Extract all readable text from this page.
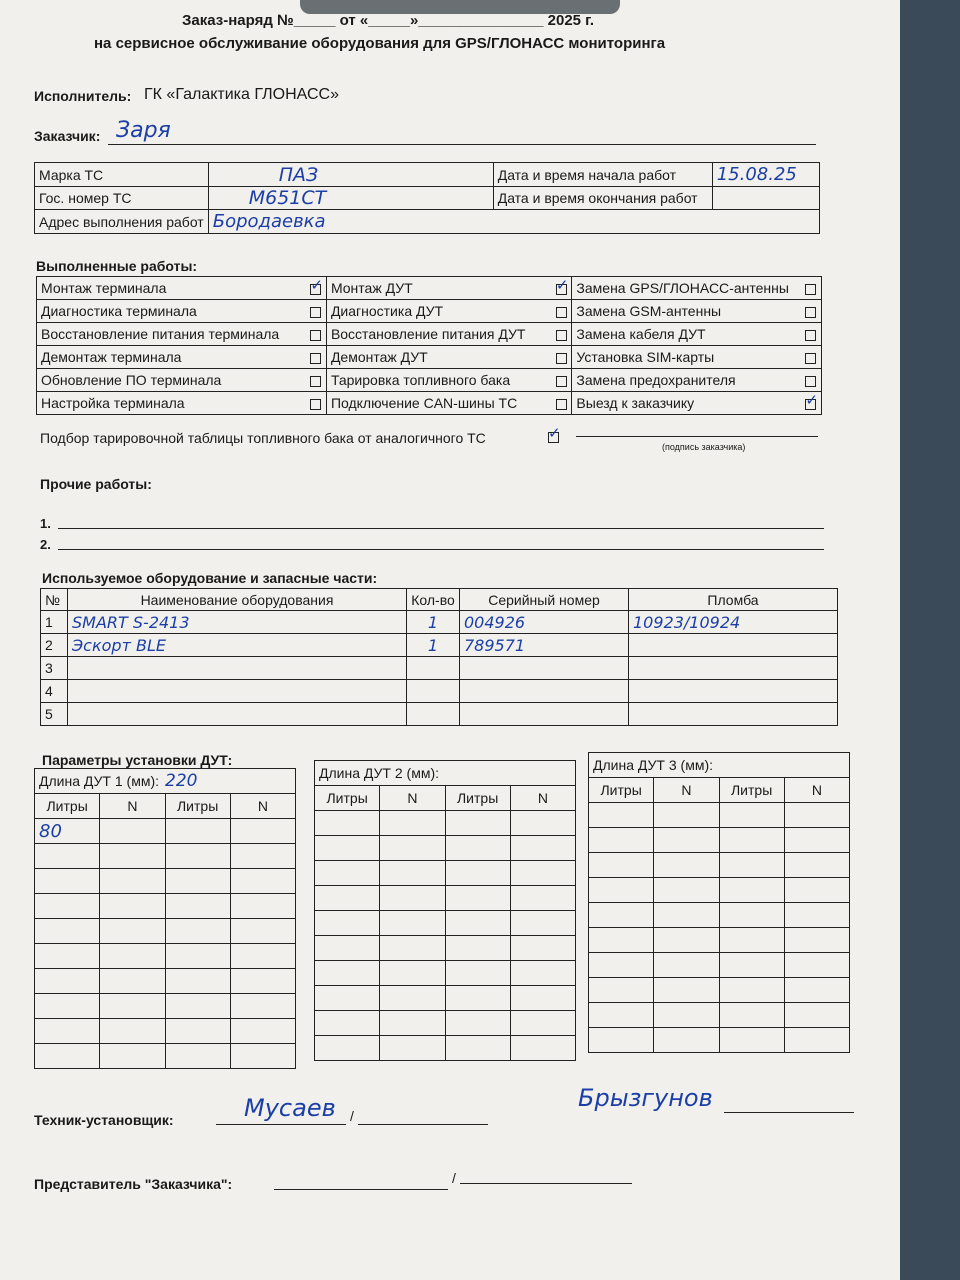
Заказ-наряд №_____ от «_____»_______________ 2025 г.
на сервисное обслуживание оборудования для GPS/ГЛОНАСС мониторинга
Исполнитель: ГК «Галактика ГЛОНАСС»
Заказчик: Заря
Марка ТС	ПАЗ	Дата и время начала работ	15.08.25
Гос. номер ТС	М651СТ	Дата и время окончания работ	
Адрес выполнения работ	Бородаевка		
Выполненные работы:
Монтаж терминала	✓	Монтаж ДУТ	✓	Замена GPS/ГЛОНАСС-антенны	
Диагностика терминала		Диагностика ДУТ		Замена GSM-антенны	
Восстановление питания терминала		Восстановление питания ДУТ		Замена кабеля ДУТ	
Демонтаж терминала		Демонтаж ДУТ		Установка SIM-карты	
Обновление ПО терминала		Тарировка топливного бака		Замена предохранителя	
Настройка терминала		Подключение CAN-шины ТС		Выезд к заказчику	✓
Подбор тарировочной таблицы топливного бака от аналогичного ТС
✓
(подпись заказчика)
Прочие работы:
1.
2.
Используемое оборудование и запасные части:
№	Наименование оборудования	Кол-во	Серийный номер	Пломба
1	SMART S-2413	1	004926	10923/10924
2	Эскорт BLE	1	789571	
3				
4				
5				
Параметры установки ДУТ:
Длина ДУТ 1 (мм): 220			
Литры	N	Литры	N
80			

Длина ДУТ 2 (мм):			
Литры	N	Литры	N

Длина ДУТ 3 (мм):			
Литры	N	Литры	N

Техник-установщик:	/
Мусаев	Брызгунов
Представитель "Заказчика":	/
